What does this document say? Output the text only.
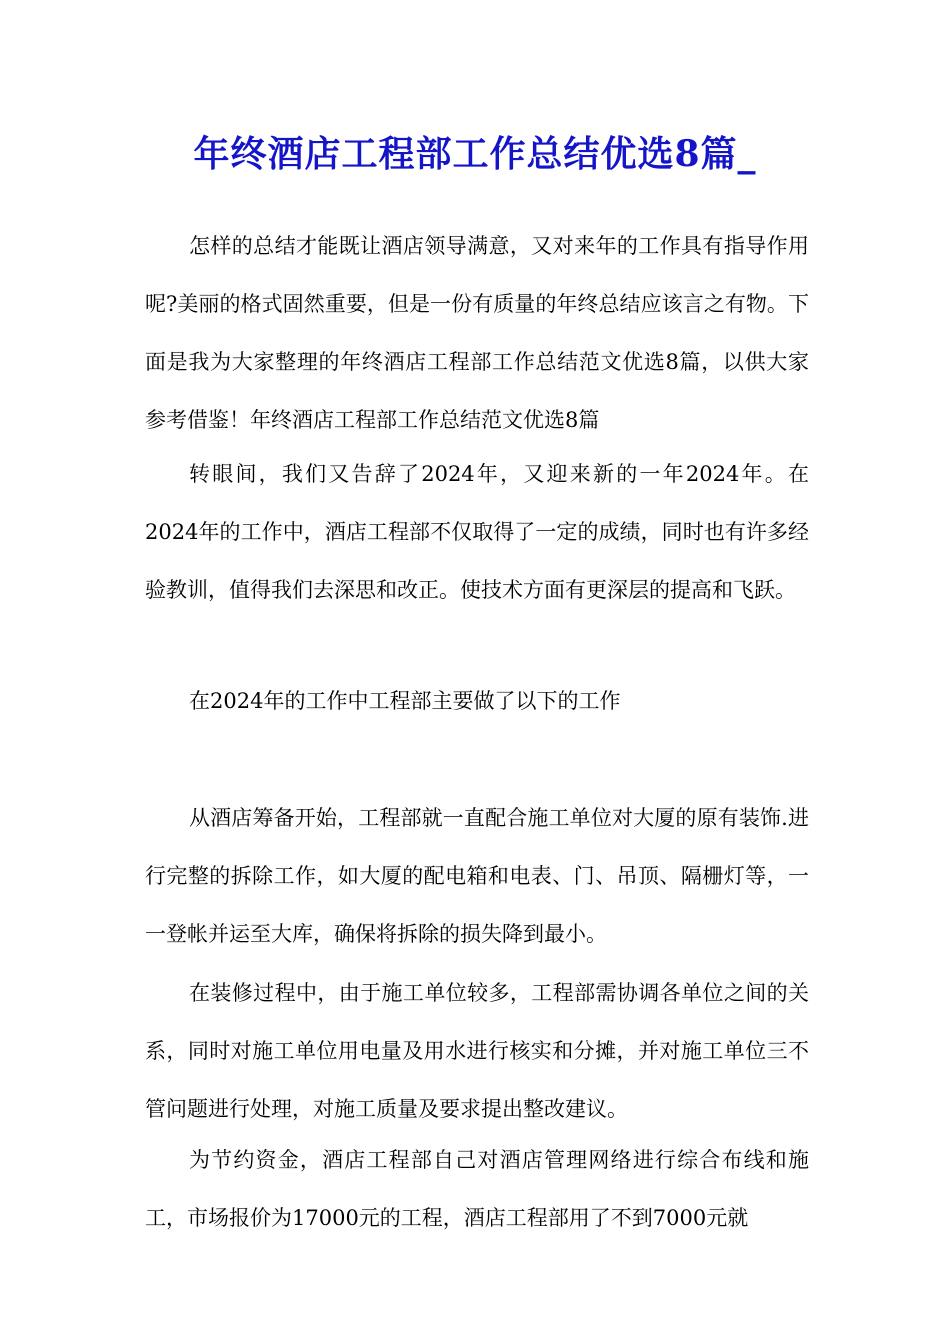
年终酒店工程部工作总结优选8篇_

怎样的总结才能既让酒店领导满意，又对来年的工作具有指导作用呢?美丽的格式固然重要，但是一份有质量的年终总结应该言之有物。下面是我为大家整理的年终酒店工程部工作总结范文优选8篇，以供大家参考借鉴！年终酒店工程部工作总结范文优选8篇

转眼间，我们又告辞了2024年，又迎来新的一年2024年。在2024年的工作中，酒店工程部不仅取得了一定的成绩，同时也有许多经验教训，值得我们去深思和改正。使技术方面有更深层的提高和飞跃。

在2024年的工作中工程部主要做了以下的工作

从酒店筹备开始，工程部就一直配合施工单位对大厦的原有装饰.进行完整的拆除工作，如大厦的配电箱和电表、门、吊顶、隔栅灯等，一一登帐并运至大库，确保将拆除的损失降到最小。

在装修过程中，由于施工单位较多，工程部需协调各单位之间的关系，同时对施工单位用电量及用水进行核实和分摊，并对施工单位三不管问题进行处理，对施工质量及要求提出整改建议。

为节约资金，酒店工程部自己对酒店管理网络进行综合布线和施工，市场报价为17000元的工程，酒店工程部用了不到7000元就
